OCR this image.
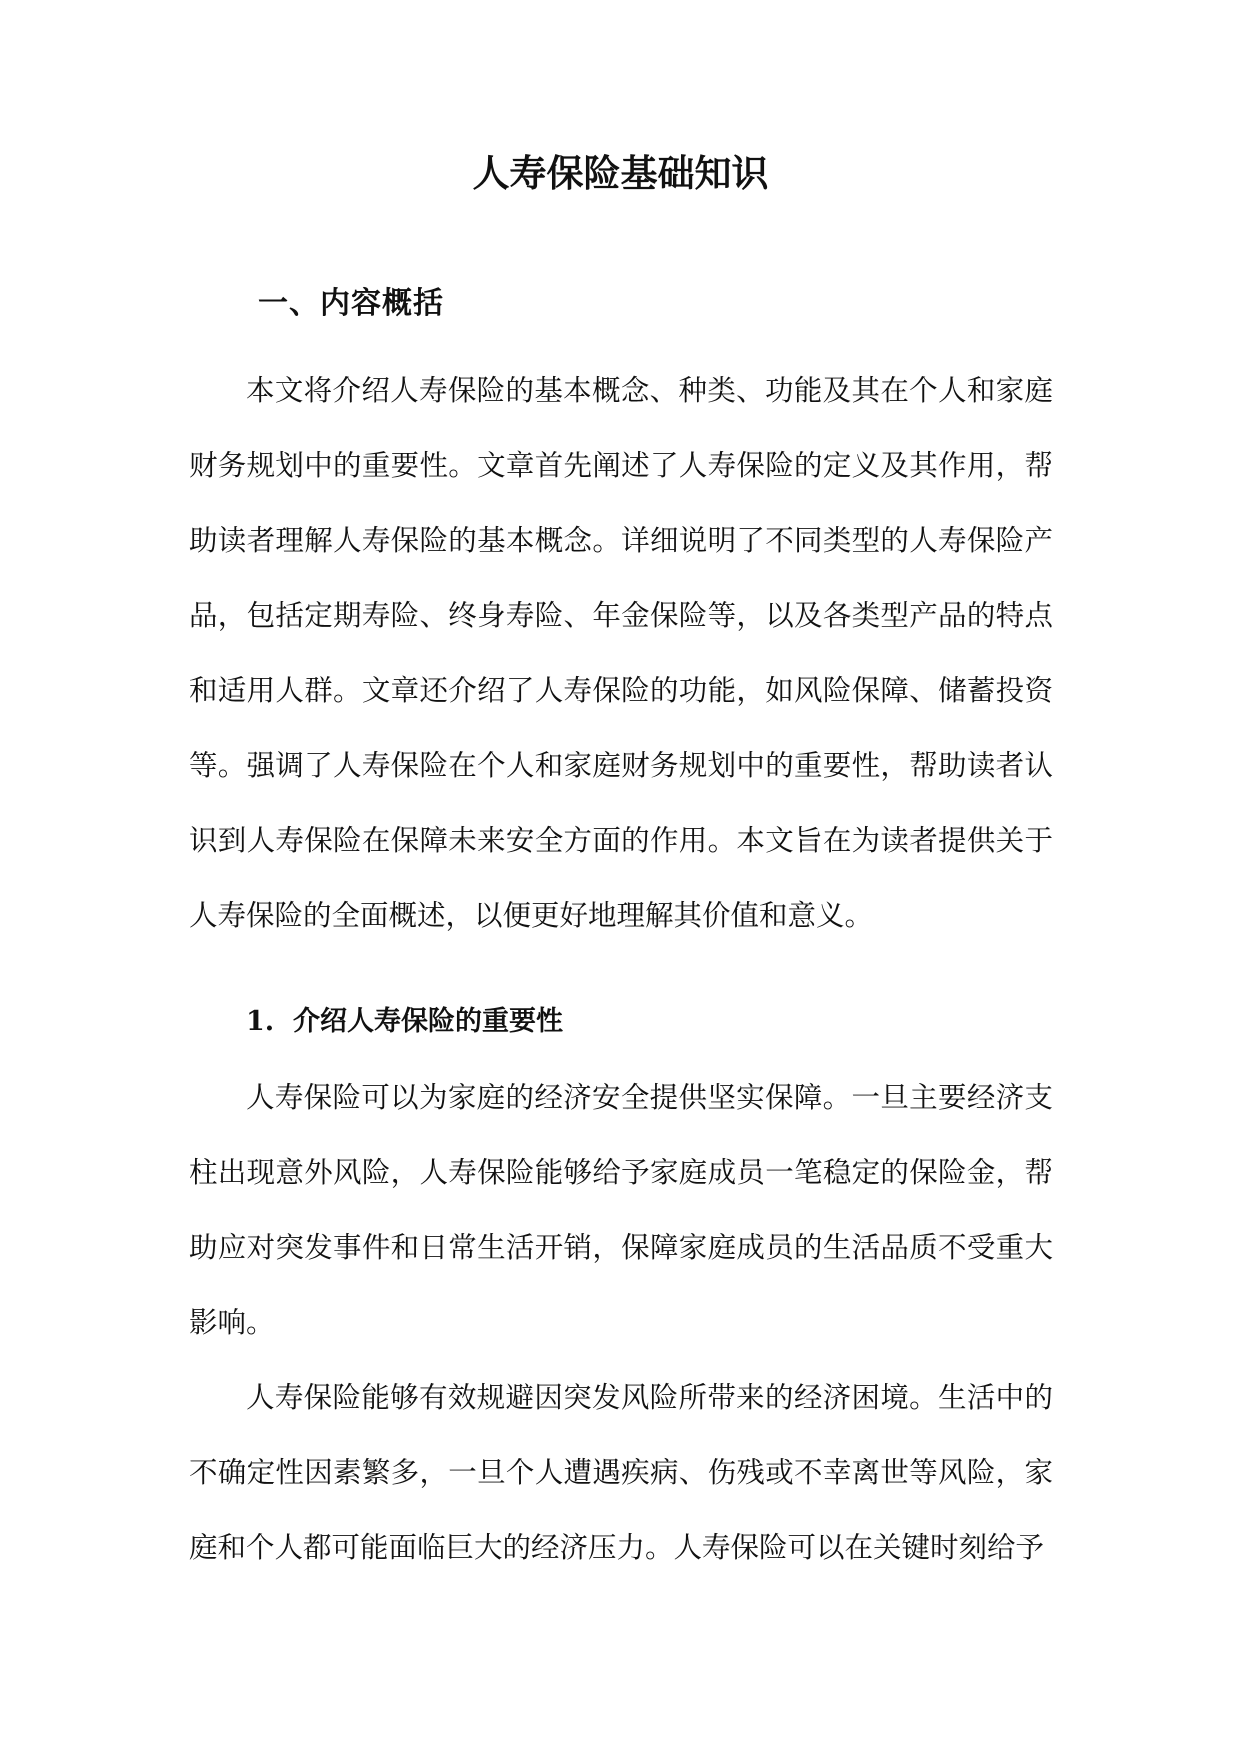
人寿保险基础知识
一、内容概括

本文将介绍人寿保险的基本概念、种类、功能及其在个人和家庭财务规划中的重要性。文章首先阐述了人寿保险的定义及其作用，帮助读者理解人寿保险的基本概念。详细说明了不同类型的人寿保险产品，包括定期寿险、终身寿险、年金保险等，以及各类型产品的特点和适用人群。文章还介绍了人寿保险的功能，如风险保障、储蓄投资等。强调了人寿保险在个人和家庭财务规划中的重要性，帮助读者认识到人寿保险在保障未来安全方面的作用。本文旨在为读者提供关于人寿保险的全面概述，以便更好地理解其价值和意义。

1.  介绍人寿保险的重要性

人寿保险可以为家庭的经济安全提供坚实保障。一旦主要经济支柱出现意外风险，人寿保险能够给予家庭成员一笔稳定的保险金，帮助应对突发事件和日常生活开销，保障家庭成员的生活品质不受重大影响。

人寿保险能够有效规避因突发风险所带来的经济困境。生活中的不确定性因素繁多，一旦个人遭遇疾病、伤残或不幸离世等风险，家庭和个人都可能面临巨大的经济压力。人寿保险可以在关键时刻给予
